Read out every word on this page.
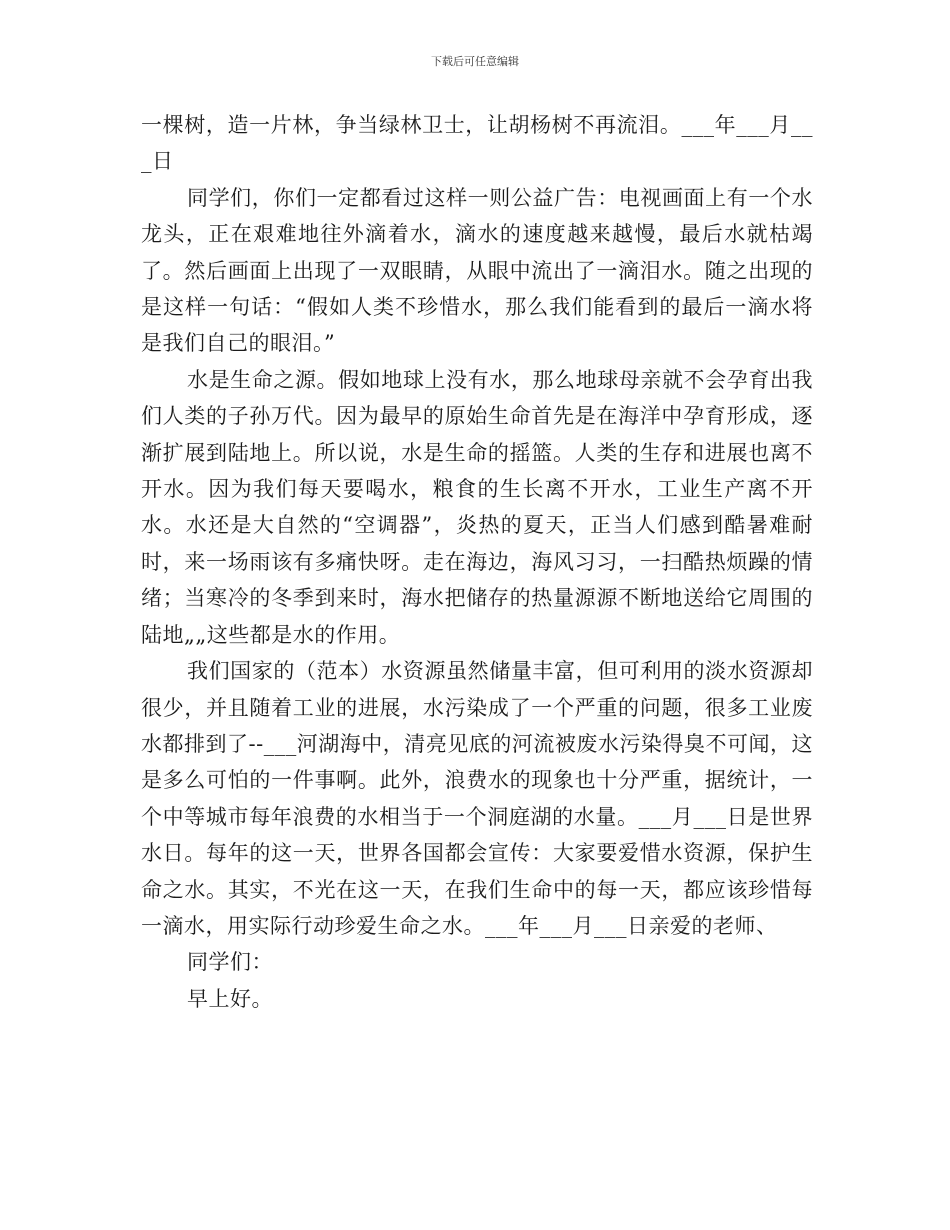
下载后可任意编辑

一棵树，造一片林，争当绿林卫士，让胡杨树不再流泪。___年___月___日

同学们，你们一定都看过这样一则公益广告：电视画面上有一个水龙头，正在艰难地往外滴着水，滴水的速度越来越慢，最后水就枯竭了。然后画面上出现了一双眼睛，从眼中流出了一滴泪水。随之出现的是这样一句话：“假如人类不珍惜水，那么我们能看到的最后一滴水将是我们自己的眼泪。”

水是生命之源。假如地球上没有水，那么地球母亲就不会孕育出我们人类的子孙万代。因为最早的原始生命首先是在海洋中孕育形成，逐渐扩展到陆地上。所以说，水是生命的摇篮。人类的生存和进展也离不开水。因为我们每天要喝水，粮食的生长离不开水，工业生产离不开水。水还是大自然的“空调器”，炎热的夏天，正当人们感到酷暑难耐时，来一场雨该有多痛快呀。走在海边，海风习习，一扫酷热烦躁的情绪；当寒冷的冬季到来时，海水把储存的热量源源不断地送给它周围的陆地„„这些都是水的作用。

我们国家的（范本）水资源虽然储量丰富，但可利用的淡水资源却很少，并且随着工业的进展，水污染成了一个严重的问题，很多工业废水都排到了--___河湖海中，清亮见底的河流被废水污染得臭不可闻，这是多么可怕的一件事啊。此外，浪费水的现象也十分严重，据统计，一个中等城市每年浪费的水相当于一个洞庭湖的水量。___月___日是世界水日。每年的这一天，世界各国都会宣传：大家要爱惜水资源，保护生命之水。其实，不光在这一天，在我们生命中的每一天，都应该珍惜每一滴水，用实际行动珍爱生命之水。___年___月___日亲爱的老师、

同学们：

早上好。
